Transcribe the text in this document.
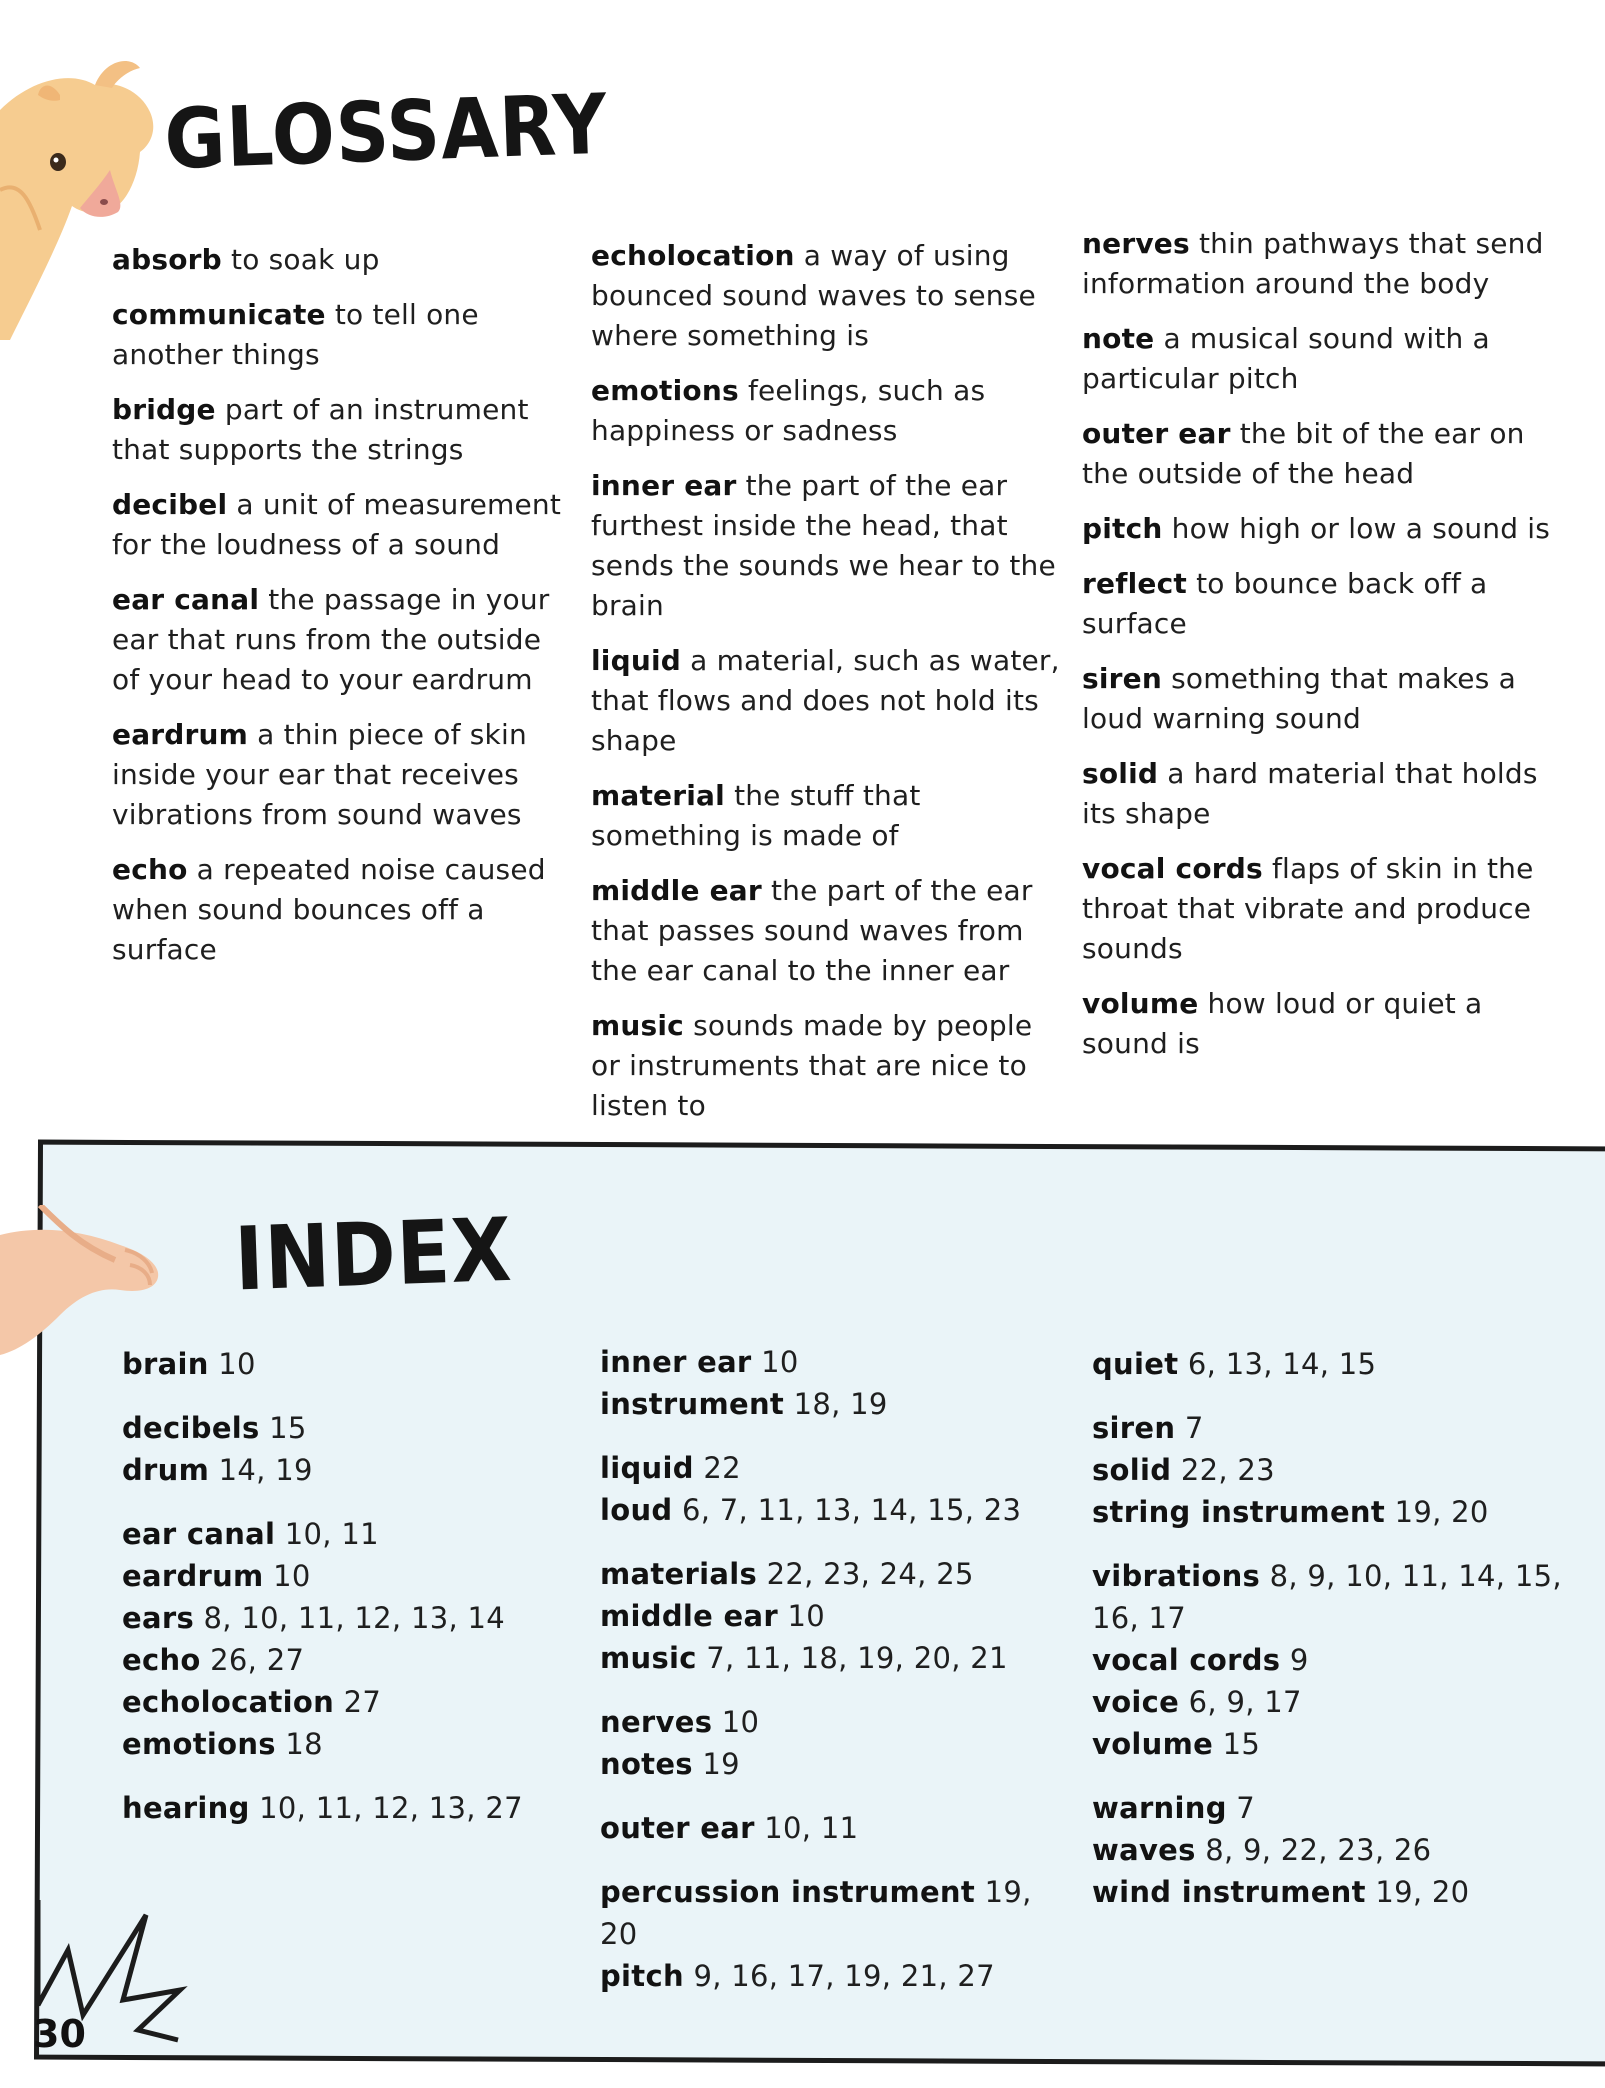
GLOSSARY

absorb to soak up

communicate to tell one another things

bridge part of an instrument that supports the strings

decibel a unit of measurement for the loudness of a sound

ear canal the passage in your ear that runs from the outside of your head to your eardrum

eardrum a thin piece of skin inside your ear that receives vibrations from sound waves

echo a repeated noise caused when sound bounces off a surface

echolocation a way of using bounced sound waves to sense where something is

emotions feelings, such as happiness or sadness

inner ear the part of the ear furthest inside the head, that sends the sounds we hear to the brain

liquid a material, such as water, that flows and does not hold its shape

material the stuff that something is made of

middle ear the part of the ear that passes sound waves from the ear canal to the inner ear

music sounds made by people or instruments that are nice to listen to

nerves thin pathways that send information around the body

note a musical sound with a particular pitch

outer ear the bit of the ear on the outside of the head

pitch how high or low a sound is

reflect to bounce back off a surface

siren something that makes a loud warning sound

solid a hard material that holds its shape

vocal cords flaps of skin in the throat that vibrate and produce sounds

volume how loud or quiet a sound is

INDEX
brain 10
decibels 15
drum 14, 19
ear canal 10, 11
eardrum 10
ears 8, 10, 11, 12, 13, 14
echo 26, 27
echolocation 27
emotions 18
hearing 10, 11, 12, 13, 27
inner ear 10
instrument 18, 19
liquid 22
loud 6, 7, 11, 13, 14, 15, 23
materials 22, 23, 24, 25
middle ear 10
music 7, 11, 18, 19, 20, 21
nerves 10
notes 19
outer ear 10, 11
percussion instrument 19, 20
pitch 9, 16, 17, 19, 21, 27
quiet 6, 13, 14, 15
siren 7
solid 22, 23
string instrument 19, 20
vibrations 8, 9, 10, 11, 14, 15, 16, 17
vocal cords 9
voice 6, 9, 17
volume 15
warning 7
waves 8, 9, 22, 23, 26
wind instrument 19, 20
30
